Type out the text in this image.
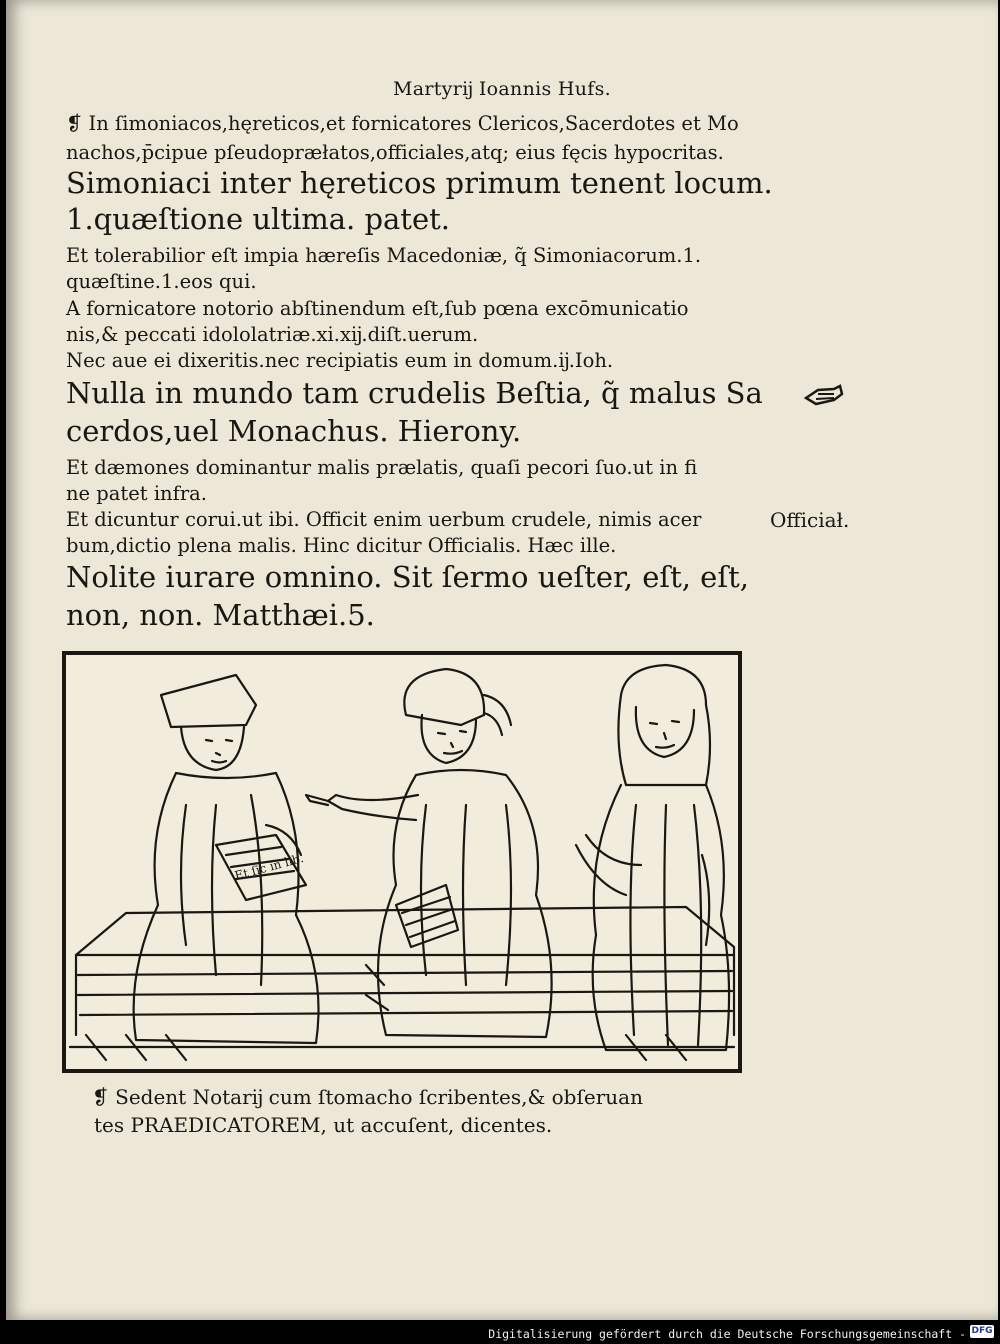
Martyrĳ Ioannis Hufs.
❡ In ſimoniacos,hęreticos,et fornicatores Clericos,Sacerdotes et Mo
nachos,p̄cipue pſeudopræłatos,officiales,atq; eius fęcis hypocritas.
Simoniaci inter hęreticos primum tenent locum.
1.quæſtione ultima. patet.
Et tolerabilior eſt impia hæreſis Macedoniæ, q̃ Simoniacorum.1.
quæſtine.1.eos qui.
A fornicatore notorio abſtinendum eſt,ſub pœna excōmunicatio
nis,& peccati idololatriæ.xi.xĳ.diſt.uerum.
Nec aue ei dixeritis.nec recipiatis eum in domum.ĳ.Ioh.
Nulla in mundo tam crudelis Beſtia, q̃ malus Sa
cerdos,uel Monachus. Hierony.
Et dæmones dominantur malis prælatis, quaſi pecori ſuo.ut in fi
ne patet infra.
Et dicuntur corui.ut ibi. Officit enim uerbum crudele, nimis acer
bum,dictio plena malis. Hinc dicitur Officialis. Hæc ille.
Nolite iurare omnino. Sit ſermo ueſter, eſt, eſt,
non, non. Matthæi.5.
Officiał.
Et ſic in lib.
❡ Sedent Notarĳ cum ſtomacho ſcribentes,& obſeruan
tes PRAEDICATOREM, ut accuſent, dicentes.
Digitalisierung gefördert durch die Deutsche Forschungsgemeinschaft - DFG
